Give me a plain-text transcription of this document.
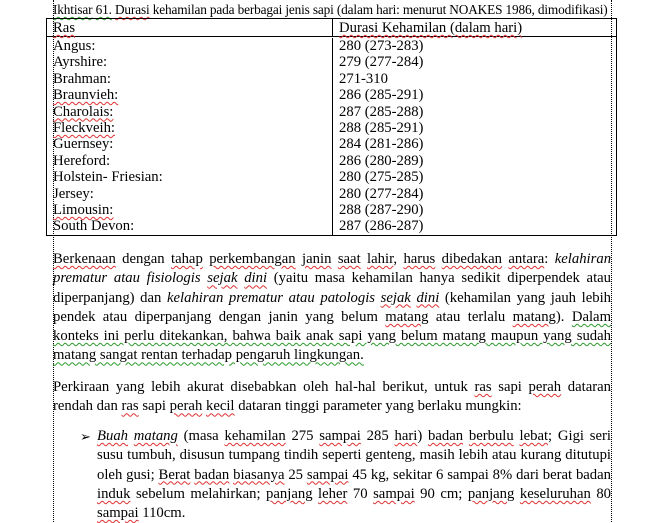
Ikhtisar 61. Durasi kehamilan pada berbagai jenis sapi (dalam hari: menurut NOAKES 1986, dimodifikasi)
Ras	Durasi Kehamilan (dalam hari)
Angus:
Ayrshire:
Brahman:
Braunvieh:
Charolais:
Fleckveih:
Guernsey:
Hereford:
Holstein- Friesian:
Jersey:
Limousin:
South Devon:
280 (273-283)
279 (277-284)
271-310
286 (285-291)
287 (285-288)
288 (285-291)
284 (281-286)
286 (280-289)
280 (275-285)
280 (277-284)
288 (287-290)
287 (286-287)
Berkenaan dengan tahap perkembangan janin saat lahir, harus dibedakan antara: kelahiran prematur atau fisiologis sejak dini (yaitu masa kehamilan hanya sedikit diperpendek atau diperpanjang) dan kelahiran prematur atau patologis sejak dini (kehamilan yang jauh lebih pendek atau diperpanjang dengan janin yang belum matang atau terlalu matang). Dalam konteks ini perlu ditekankan, bahwa baik anak sapi yang belum matang maupun yang sudah matang sangat rentan terhadap pengaruh lingkungan.
Perkiraan yang lebih akurat disebabkan oleh hal-hal berikut, untuk ras sapi perah dataran rendah dan ras sapi perah kecil dataran tinggi parameter yang berlaku mungkin:
➢ Buah matang (masa kehamilan 275 sampai 285 hari) badan berbulu lebat; Gigi seri susu tumbuh, disusun tumpang tindih seperti genteng, masih lebih atau kurang ditutupi oleh gusi; Berat badan biasanya 25 sampai 45 kg, sekitar 6 sampai 8% dari berat badan induk sebelum melahirkan; panjang leher 70 sampai 90 cm; panjang keseluruhan 80 sampai 110cm.
